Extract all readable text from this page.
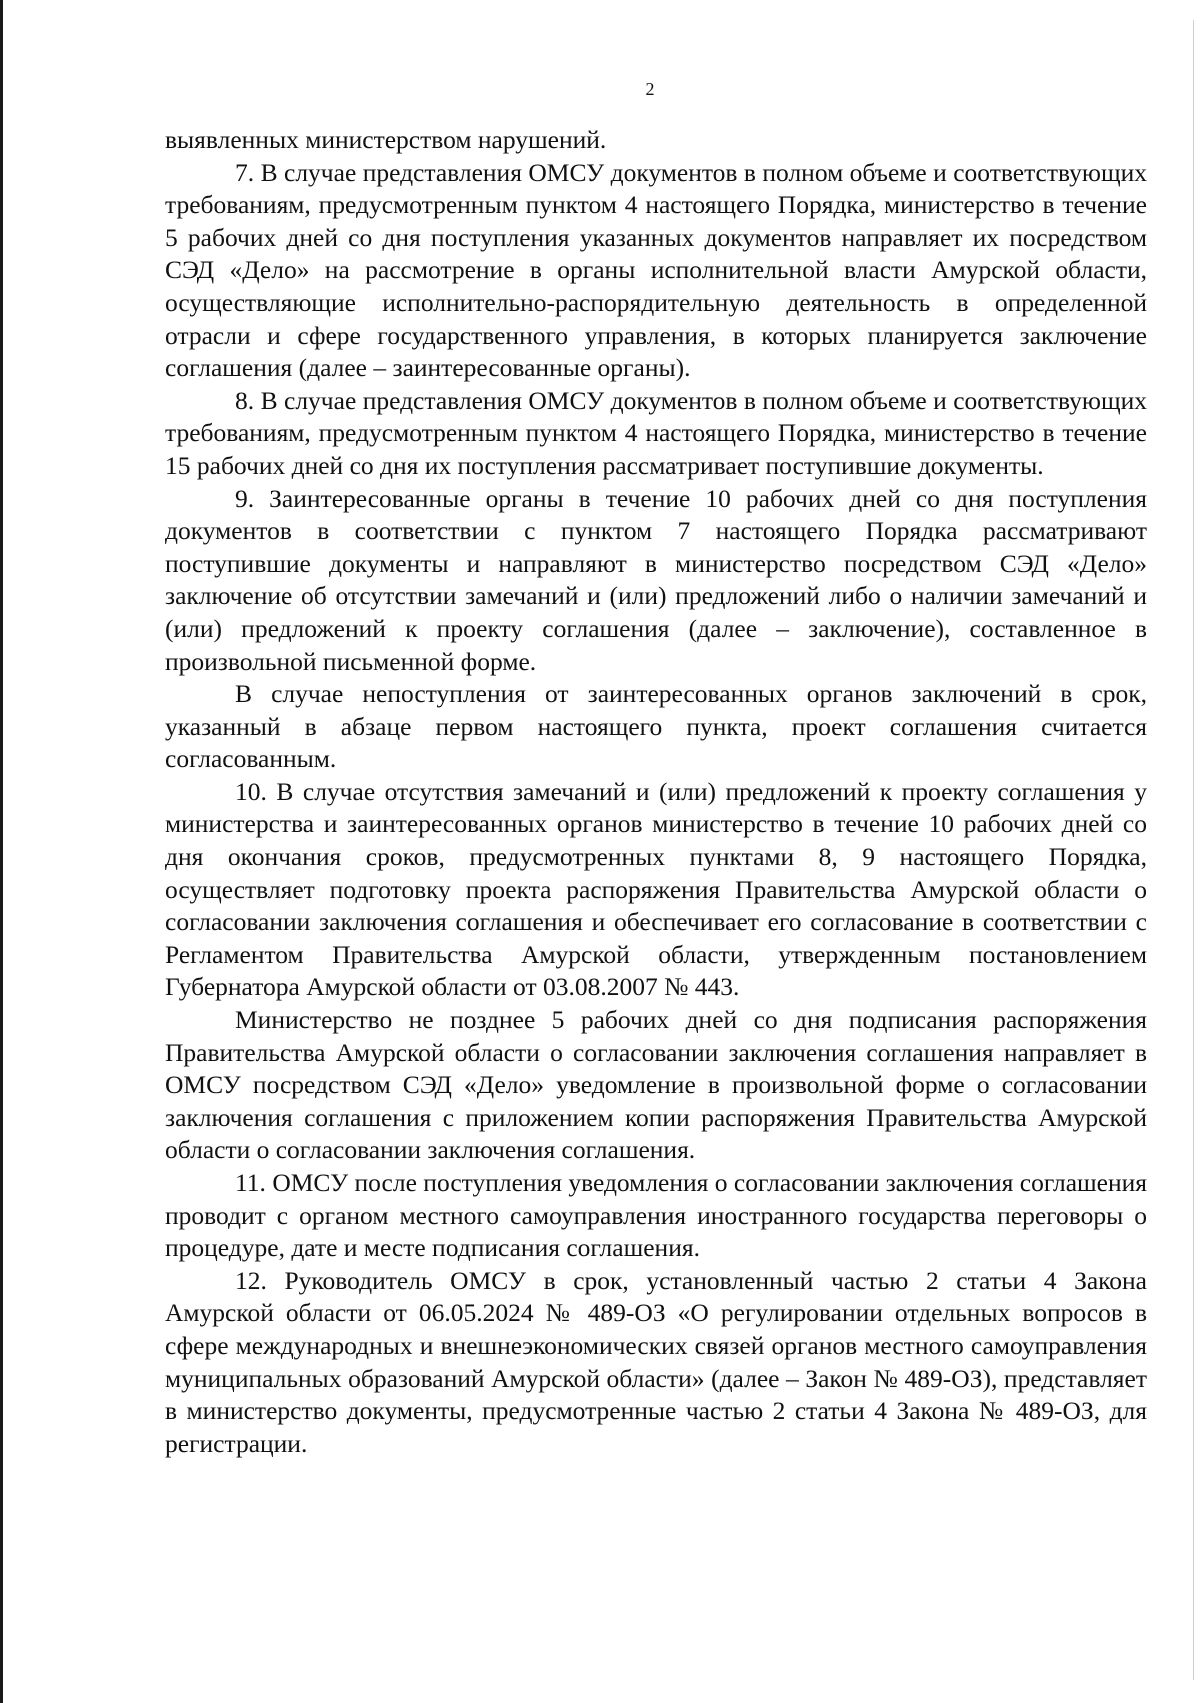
2

выявленных министерством нарушений.

7. В случае представления ОМСУ документов в полном объеме и соответствующих требованиям, предусмотренным пунктом 4 настоящего Порядка, министерство в течение 5 рабочих дней со дня поступления указанных документов направляет их посредством СЭД «Дело» на рассмотрение в органы исполнительной власти Амурской области, осуществляющие исполнительно-распорядительную деятельность в определенной отрасли и сфере государственного управления, в которых планируется заключение соглашения (далее – заинтересованные органы).

8. В случае представления ОМСУ документов в полном объеме и соответствующих требованиям, предусмотренным пунктом 4 настоящего Порядка, министерство в течение 15 рабочих дней со дня их поступления рассматривает поступившие документы.

9. Заинтересованные органы в течение 10 рабочих дней со дня поступления документов в соответствии с пунктом 7 настоящего Порядка рассматривают поступившие документы и направляют в министерство посредством СЭД «Дело» заключение об отсутствии замечаний и (или) предложений либо о наличии замечаний и (или) предложений к проекту соглашения (далее – заключение), составленное в произвольной письменной форме.

В случае непоступления от заинтересованных органов заключений в срок, указанный в абзаце первом настоящего пункта, проект соглашения считается согласованным.

10. В случае отсутствия замечаний и (или) предложений к проекту соглашения у министерства и заинтересованных органов министерство в течение 10 рабочих дней со дня окончания сроков, предусмотренных пунктами 8, 9 настоящего Порядка, осуществляет подготовку проекта распоряжения Правительства Амурской области о согласовании заключения соглашения и обеспечивает его согласование в соответствии с Регламентом Правительства Амурской области, утвержденным постановлением Губернатора Амурской области от 03.08.2007 № 443.

Министерство не позднее 5 рабочих дней со дня подписания распоряжения Правительства Амурской области о согласовании заключения соглашения направляет в ОМСУ посредством СЭД «Дело» уведомление в произвольной форме о согласовании заключения соглашения с приложением копии распоряжения Правительства Амурской области о согласовании заключения соглашения.

11. ОМСУ после поступления уведомления о согласовании заключения соглашения проводит с органом местного самоуправления иностранного государства переговоры о процедуре, дате и месте подписания соглашения.

12. Руководитель ОМСУ в срок, установленный частью 2 статьи 4 Закона Амурской области от 06.05.2024 № 489-ОЗ «О регулировании отдельных вопросов в сфере международных и внешнеэкономических связей органов местного самоуправления муниципальных образований Амурской области» (далее – Закон № 489-ОЗ), представляет в министерство документы, предусмотренные частью 2 статьи 4 Закона № 489-ОЗ, для регистрации.
